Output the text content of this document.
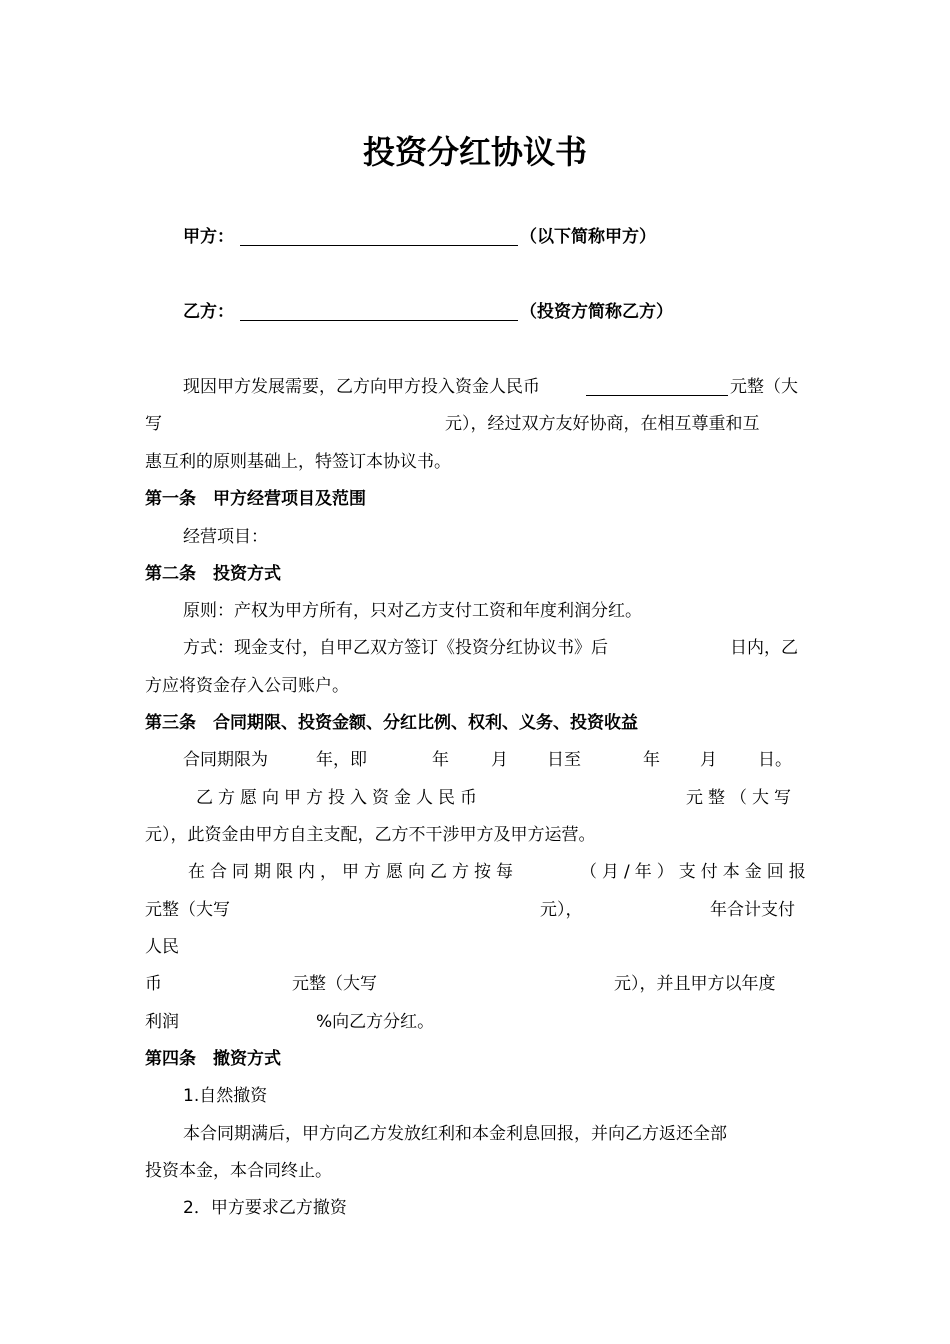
投资分红协议书
甲方：	（以下简称甲方）
乙方：	（投资方简称乙方）
现因甲方发展需要，乙方向甲方投入资金人民币	元整（大
写	元），经过双方友好协商，在相互尊重和互
惠互利的原则基础上，特签订本协议书。
第一条　甲方经营项目及范围
经营项目：
第二条　投资方式
原则：产权为甲方所有，只对乙方支付工资和年度利润分红。
方式：现金支付，自甲乙双方签订《投资分红协议书》后	日内，乙
方应将资金存入公司账户。
第三条　合同期限、投资金额、分红比例、权利、义务、投资收益
合同期限为	年，即	年 月 日至	年 月 日。
乙方愿向甲方投入资金人民币	元整（大写
元），此资金由甲方自主支配，乙方不干涉甲方及甲方运营。
在合同期限内，甲方愿向乙方按每	（月/年）支付本金回报
元整（大写	元），	年合计支付
人民
币	元整（大写	元），并且甲方以年度
利润	%向乙方分红。
第四条　撤资方式
1.自然撤资
本合同期满后，甲方向乙方发放红利和本金利息回报，并向乙方返还全部
投资本金，本合同终止。
2．甲方要求乙方撤资
